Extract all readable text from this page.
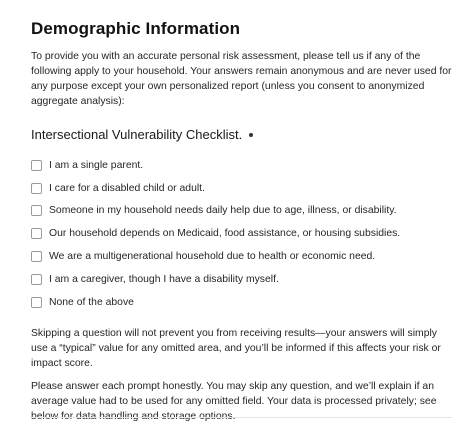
Demographic Information

To provide you with an accurate personal risk assessment, please tell us if any of the following apply to your household. Your answers remain anonymous and are never used for any purpose except your own personalized report (unless you consent to anonymized aggregate analysis):

Intersectional Vulnerability Checklist.
I am a single parent.
I care for a disabled child or adult.
Someone in my household needs daily help due to age, illness, or disability.
Our household depends on Medicaid, food assistance, or housing subsidies.
We are a multigenerational household due to health or economic need.
I am a caregiver, though I have a disability myself.
None of the above

Skipping a question will not prevent you from receiving results—your answers will simply use a “typical” value for any omitted area, and you’ll be informed if this affects your risk or impact score.

Please answer each prompt honestly. You may skip any question, and we’ll explain if an average value had to be used for any omitted field. Your data is processed privately; see
